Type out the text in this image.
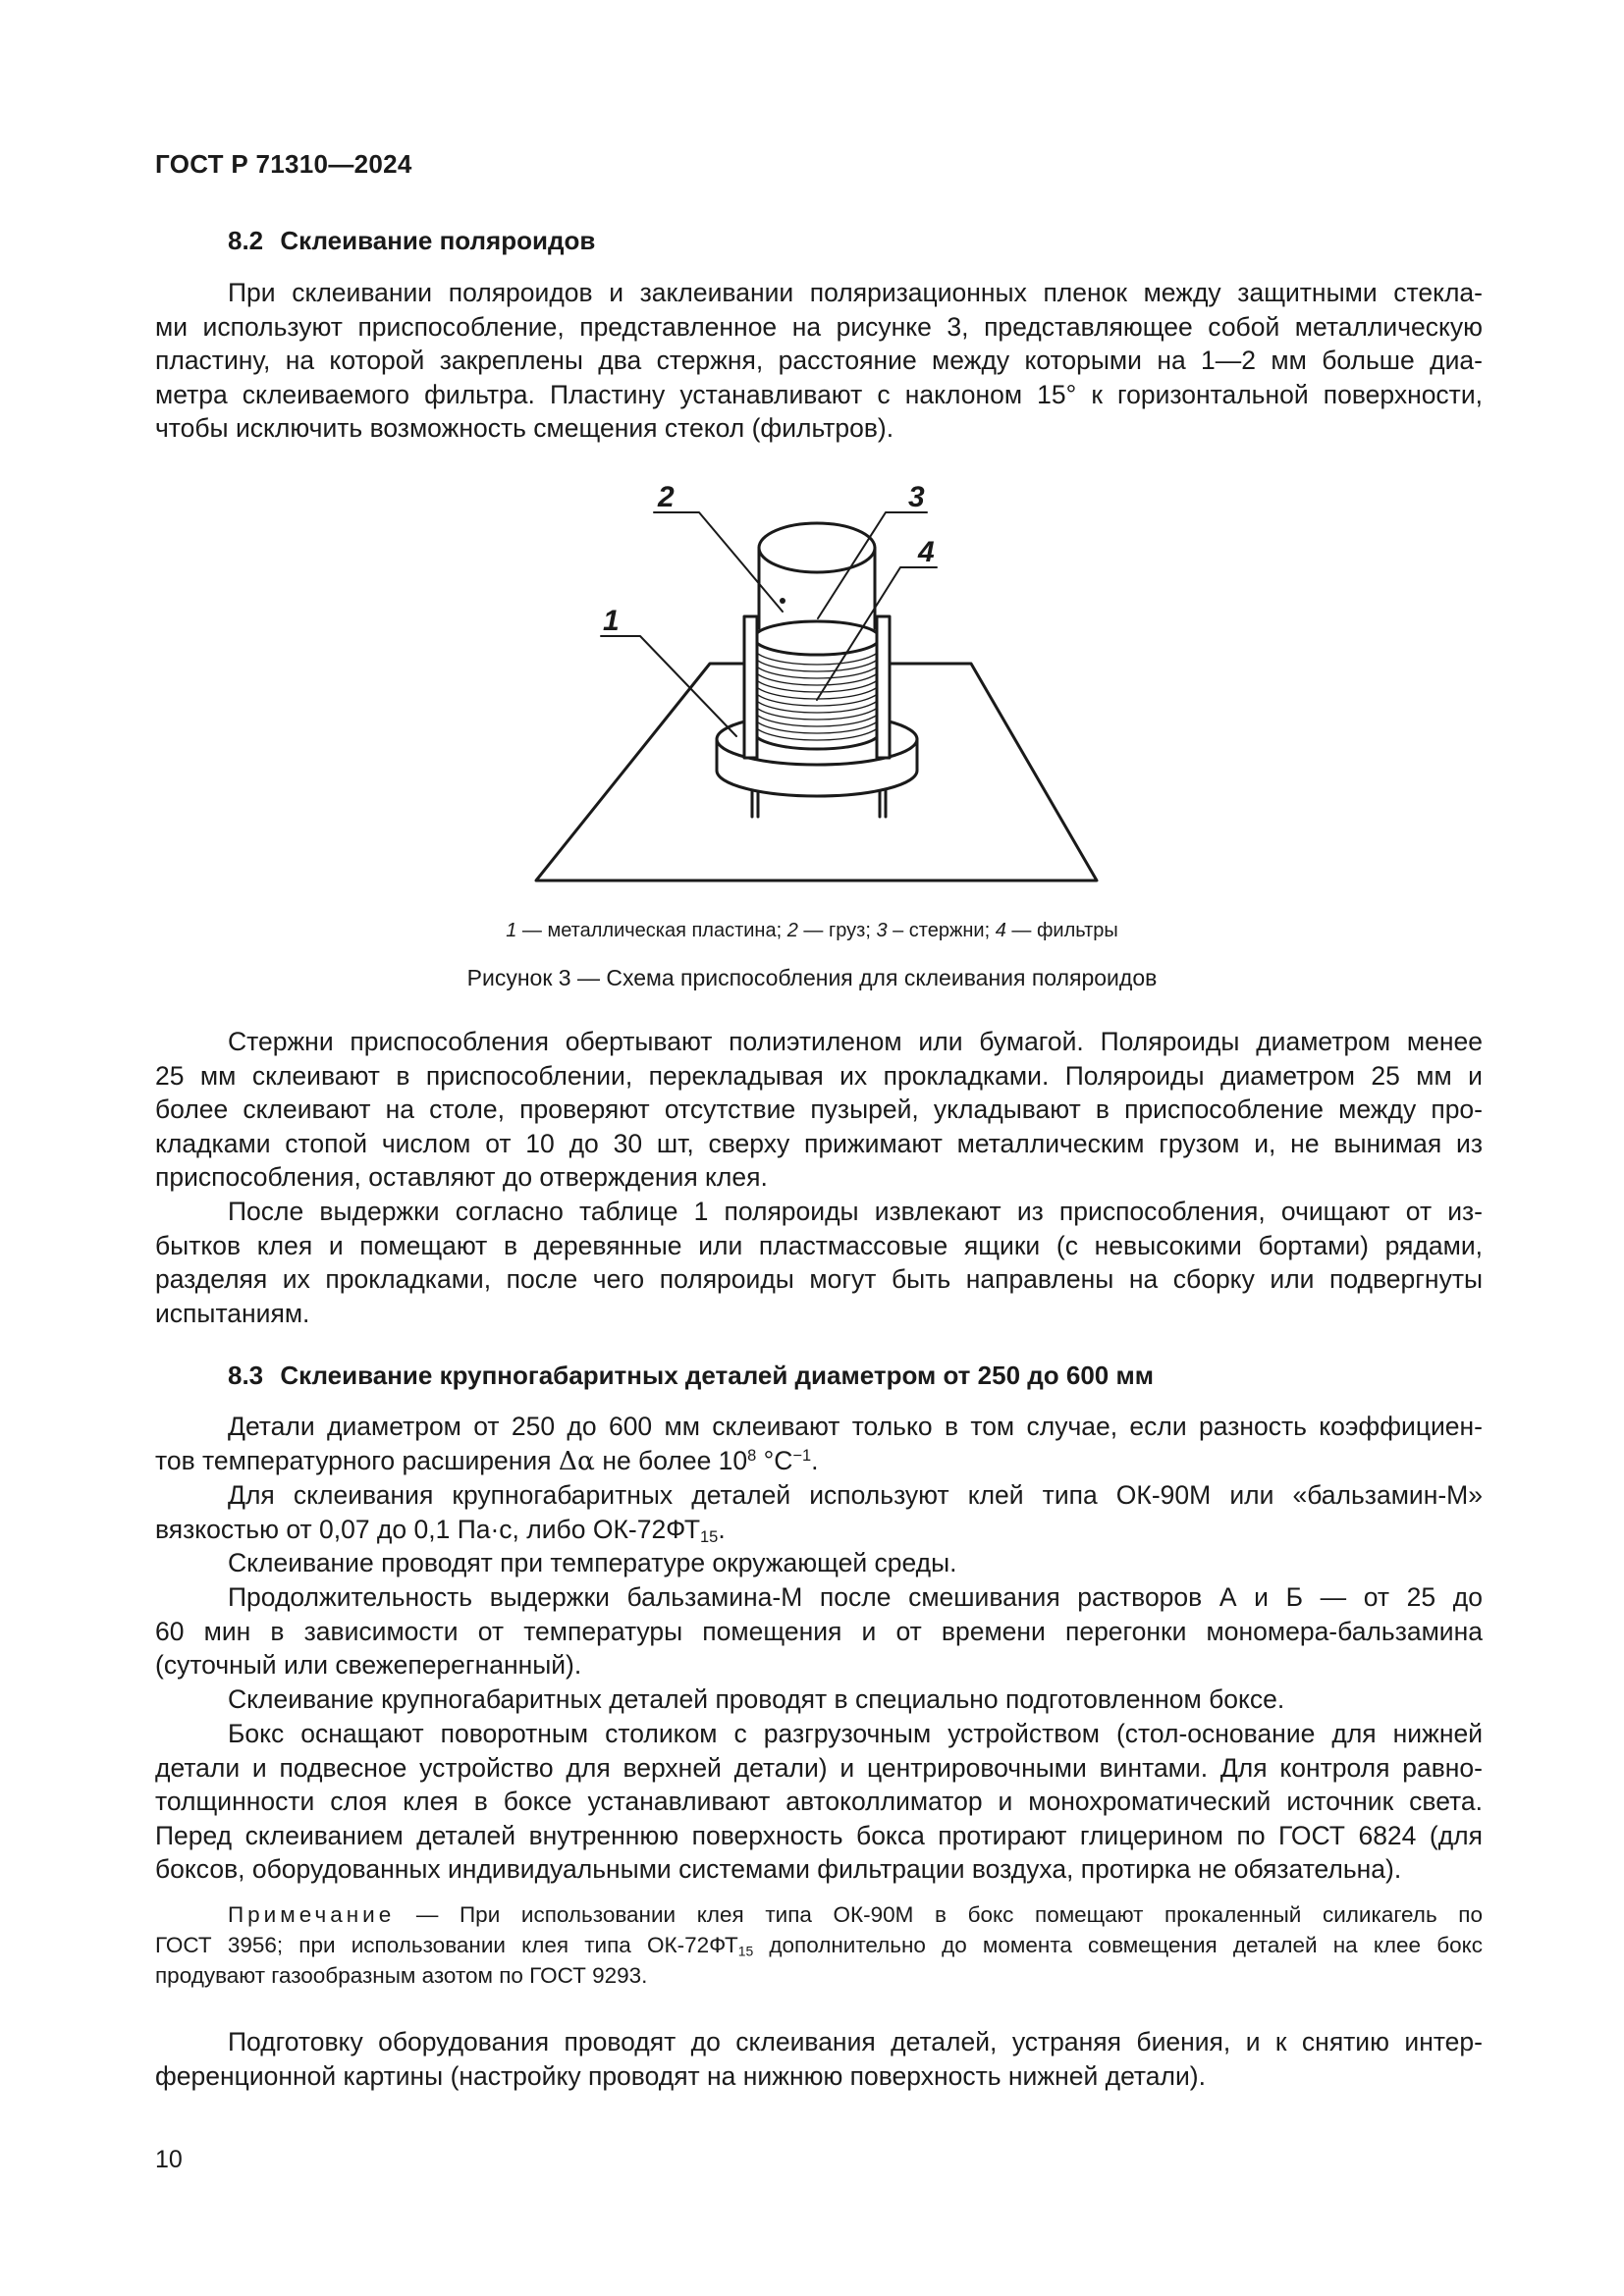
ГОСТ Р 71310—2024
8.2 Склеивание поляроидов

При склеивании поляроидов и заклеивании поляризационных пленок между защитными стекла-
ми используют приспособление, представленное на рисунке 3, представляющее собой металлическую
пластину, на которой закреплены два стержня, расстояние между которыми на 1—2 мм больше диа-
метра склеиваемого фильтра. Пластину устанавливают с наклоном 15° к горизонтальной поверхности,
чтобы исключить возможность смещения стекол (фильтров).

2	3
4
1
1 — металлическая пластина; 2 — груз; 3 – стержни; 4 — фильтры
Рисунок 3 — Схема приспособления для склеивания поляроидов

Стержни приспособления обертывают полиэтиленом или бумагой. Поляроиды диаметром менее
25 мм склеивают в приспособлении, перекладывая их прокладками. Поляроиды диаметром 25 мм и
более склеивают на столе, проверяют отсутствие пузырей, укладывают в приспособление между про-
кладками стопой числом от 10 до 30 шт, сверху прижимают металлическим грузом и, не вынимая из
приспособления, оставляют до отверждения клея.

После выдержки согласно таблице 1 поляроиды извлекают из приспособления, очищают от из-
бытков клея и помещают в деревянные или пластмассовые ящики (с невысокими бортами) рядами,
разделяя их прокладками, после чего поляроиды могут быть направлены на сборку или подвергнуты
испытаниям.

8.3 Склеивание крупногабаритных деталей диаметром от 250 до 600 мм

Детали диаметром от 250 до 600 мм склеивают только в том случае, если разность коэффициен-
тов температурного расширения Δα не более $10^8$ $^\circ C^{-1}$.

Для склеивания крупногабаритных деталей используют клей типа ОК-90М или «бальзамин-М»
вязкостью от 0,07 до 0,1 Па·с, либо $ОК-72ФТ_{15}$.

Склеивание проводят при температуре окружающей среды.

Продолжительность выдержки бальзамина-М после смешивания растворов А и Б — от 25 до
60 мин в зависимости от температуры помещения и от времени перегонки мономера-бальзамина
(суточный или свежеперегнанный).

Склеивание крупногабаритных деталей проводят в специально подготовленном боксе.

Бокс оснащают поворотным столиком с разгрузочным устройством (стол-основание для нижней
детали и подвесное устройство для верхней детали) и центрировочными винтами. Для контроля равно-
толщинности слоя клея в боксе устанавливают автоколлиматор и монохроматический источник света.
Перед склеиванием деталей внутреннюю поверхность бокса протирают глицерином по ГОСТ 6824 (для
боксов, оборудованных индивидуальными системами фильтрации воздуха, протирка не обязательна).

Примечание — При использовании клея типа ОК-90М в бокс помещают прокаленный силикагель по
ГОСТ 3956; при использовании клея типа $ОК-72ФТ_{15}$ дополнительно до момента совмещения деталей на клее бокс
продувают газообразным азотом по ГОСТ 9293.

Подготовку оборудования проводят до склеивания деталей, устраняя биения, и к снятию интер-
ференционной картины (настройку проводят на нижнюю поверхность нижней детали).

10
